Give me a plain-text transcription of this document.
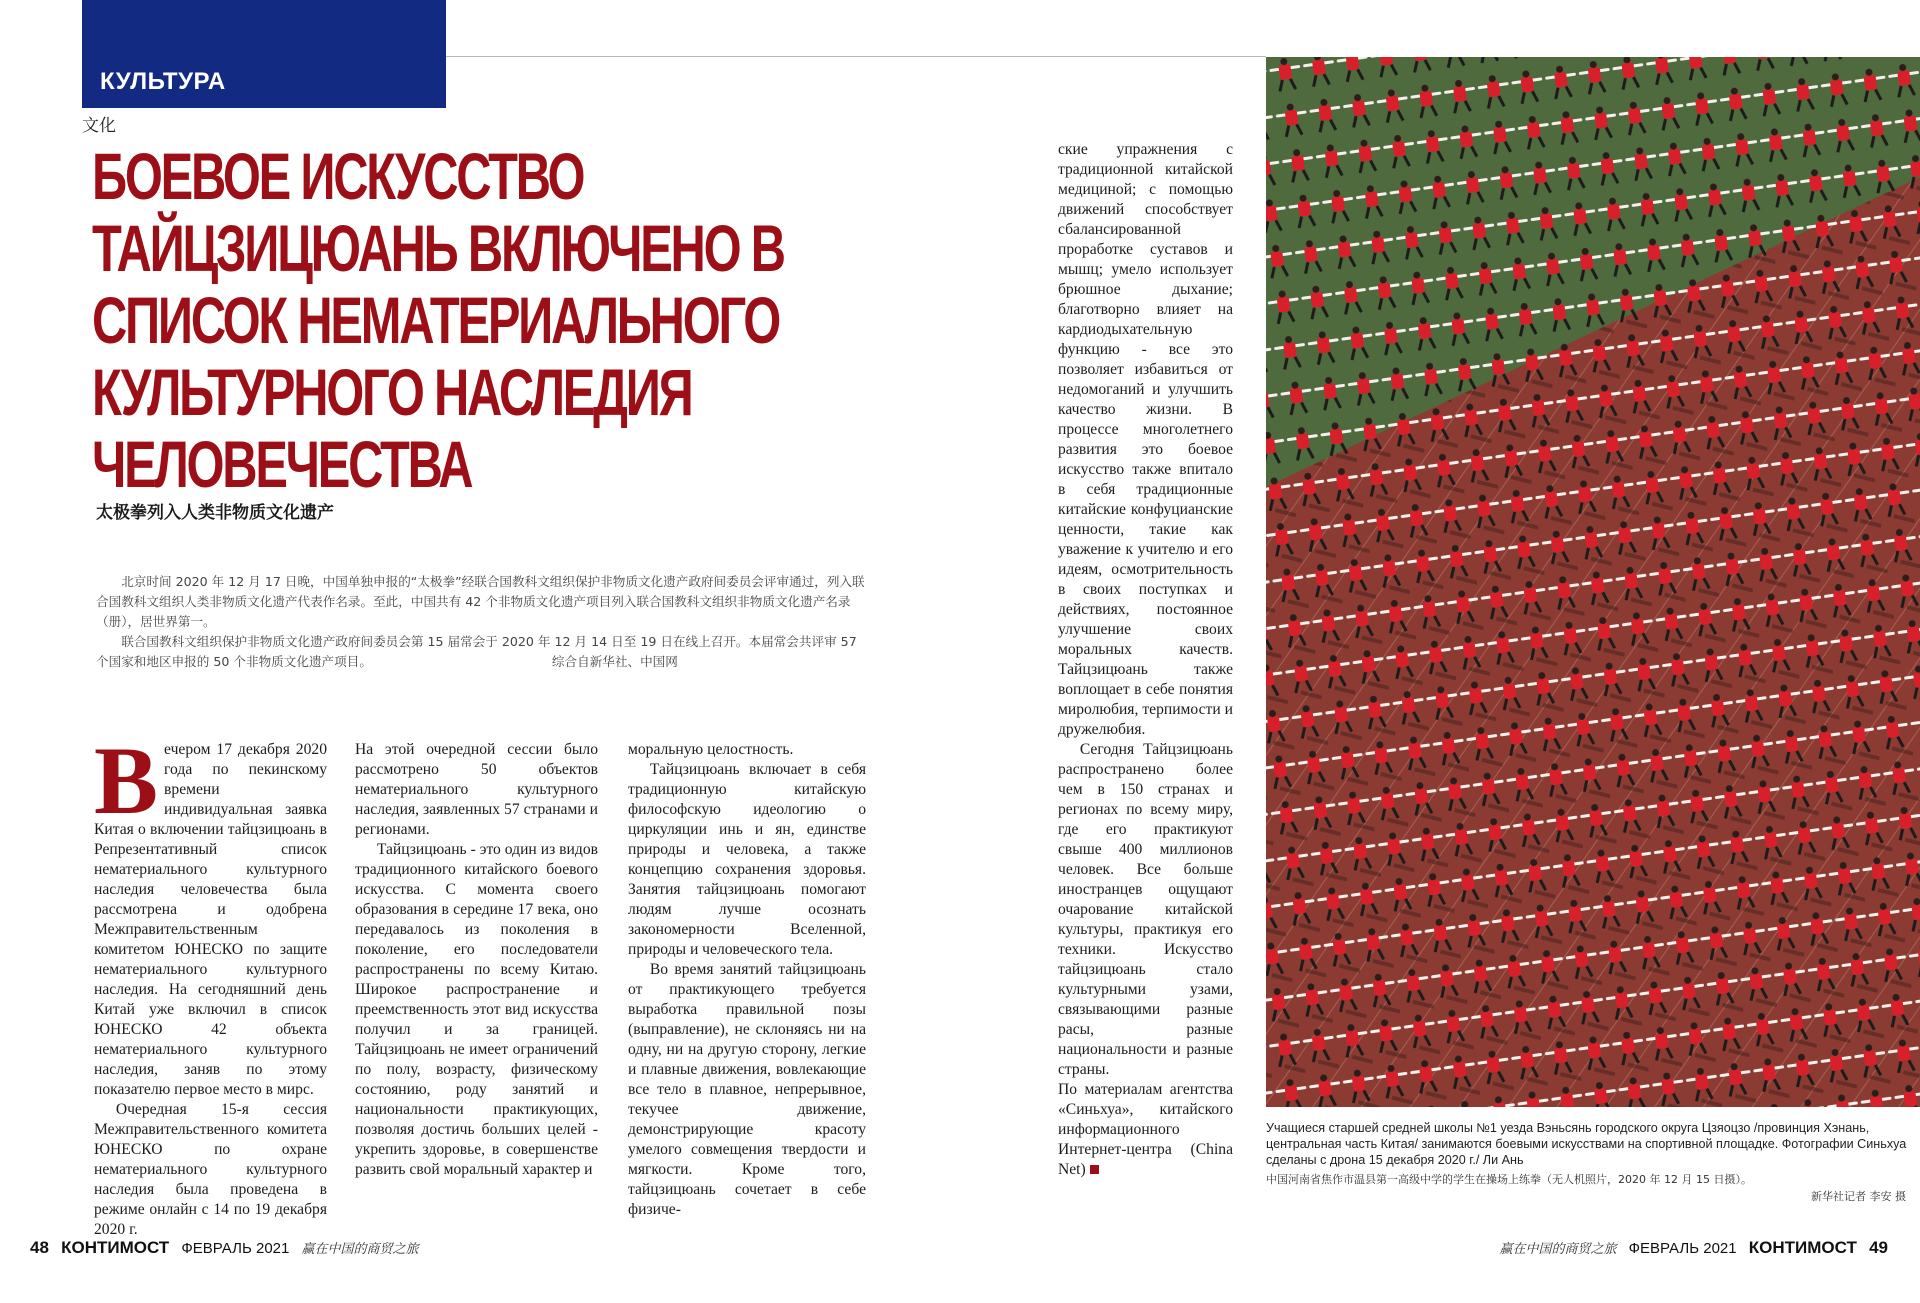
КУЛЬТУРА
文化
БОЕВОЕ ИСКУССТВО ТАЙЦЗИЦЮАНЬ ВКЛЮЧЕНО В СПИСОК НЕМАТЕРИАЛЬНОГО КУЛЬТУРНОГО НАСЛЕДИЯ ЧЕЛОВЕЧЕСТВА
太极拳列入人类非物质文化遗产

北京时间 2020 年 12 月 17 日晚，中国单独申报的“太极拳”经联合国教科文组织保护非物质文化遗产政府间委员会评审通过，列入联合国教科文组织人类非物质文化遗产代表作名录。至此，中国共有 42 个非物质文化遗产项目列入联合国教科文组织非物质文化遗产名录（册），居世界第一。

联合国教科文组织保护非物质文化遗产政府间委员会第 15 届常会于 2020 年 12 月 14 日至 19 日在线上召开。本届常会共评审 57 个国家和地区申报的 50 个非物质文化遗产项目。	综合自新华社、中国网

Вечером 17 декабря 2020 года по пекинскому времени индивидуальная заявка Китая о включении тайцзицюань в Репрезентативный список нематериального культурного наследия человечества была рассмотрена и одобрена Межправительственным комитетом ЮНЕСКО по защите нематериального культурного наследия. На сегодняшний день Китай уже включил в список ЮНЕСКО 42 объекта нематериального культурного наследия, заняв по этому показателю первое место в мирс.

Очередная 15-я сессия Межправительственного комитета ЮНЕСКО по охране нематериального культурного наследия была проведена в режиме онлайн с 14 по 19 декабря 2020 г.

На этой очередной сессии было рассмотрено 50 объектов нематериального культурного наследия, заявленных 57 странами и регионами.

Тайцзицюань - это один из видов традиционного китайского боевого искусства. С момента своего образования в середине 17 века, оно передавалось из поколения в поколение, его последователи распространены по всему Китаю. Широкое распространение и преемственность этот вид искусства получил и за границей. Тайцзицюань не имеет ограничений по полу, возрасту, физическому состоянию, роду занятий и национальности практикующих, позволяя достичь больших целей - укрепить здоровье, в совершенстве развить свой моральный характер и

моральную целостность.

Тайцзицюань включает в себя традиционную китайскую философскую идеологию о циркуляции инь и ян, единстве природы и человека, а также концепцию сохранения здоровья. Занятия тайцзицюань помогают людям лучше осознать закономерности Вселенной, природы и человеческого тела.

Во время занятий тайцзицюань от практикующего требуется выработка правильной позы (выправление), не склоняясь ни на одну, ни на другую сторону, легкие и плавные движения, вовлекающие все тело в плавное, непрерывное, текучее движение, демонстрирующие красоту умелого совмещения твердости и мягкости. Кроме того, тайцзицюань сочетает в себе физиче-

ские упражнения с традиционной китайской медициной; с помощью движений способствует сбалансированной проработке суставов и мышц; умело использует брюшное дыхание; благотворно влияет на кардиодыхательную функцию - все это позволяет избавиться от недомоганий и улучшить качество жизни. В процессе многолетнего развития это боевое искусство также впитало в себя традиционные китайские конфуцианские ценности, такие как уважение к учителю и его идеям, осмотрительность в своих поступках и действиях, постоянное улучшение своих моральных качеств. Тайцзицюань также воплощает в себе понятия миролюбия, терпимости и дружелюбия.

Сегодня Тайцзицюань распространено более чем в 150 странах и регионах по всему миру, где его практикуют свыше 400 миллионов человек. Все больше иностранцев ощущают очарование китайской культуры, практикуя его техники. Искусство тайцзицюань стало культурными узами, связывающими разные расы, разные национальности и разные страны.

По материалам агентства «Синьхуа», китайского информационного Интернет-центра (China Net)

Учащиеся старшей средней школы №1 уезда Вэньсянь городского округа Цзяоцзо /провинция Хэнань, центральная часть Китая/ занимаются боевыми искусствами на спортивной площадке. Фотографии Синьхуа сделаны с дрона 15 декабря 2020 г./ Ли Ань
中国河南省焦作市温县第一高级中学的学生在操场上练拳（无人机照片，2020 年 12 月 15 日摄）。
新华社记者 李安 摄
48 КОНТИМОСТ ФЕВРАЛЬ 2021 赢在中国的商贸之旅	赢在中国的商贸之旅 ФЕВРАЛЬ 2021 КОНТИМОСТ 49
